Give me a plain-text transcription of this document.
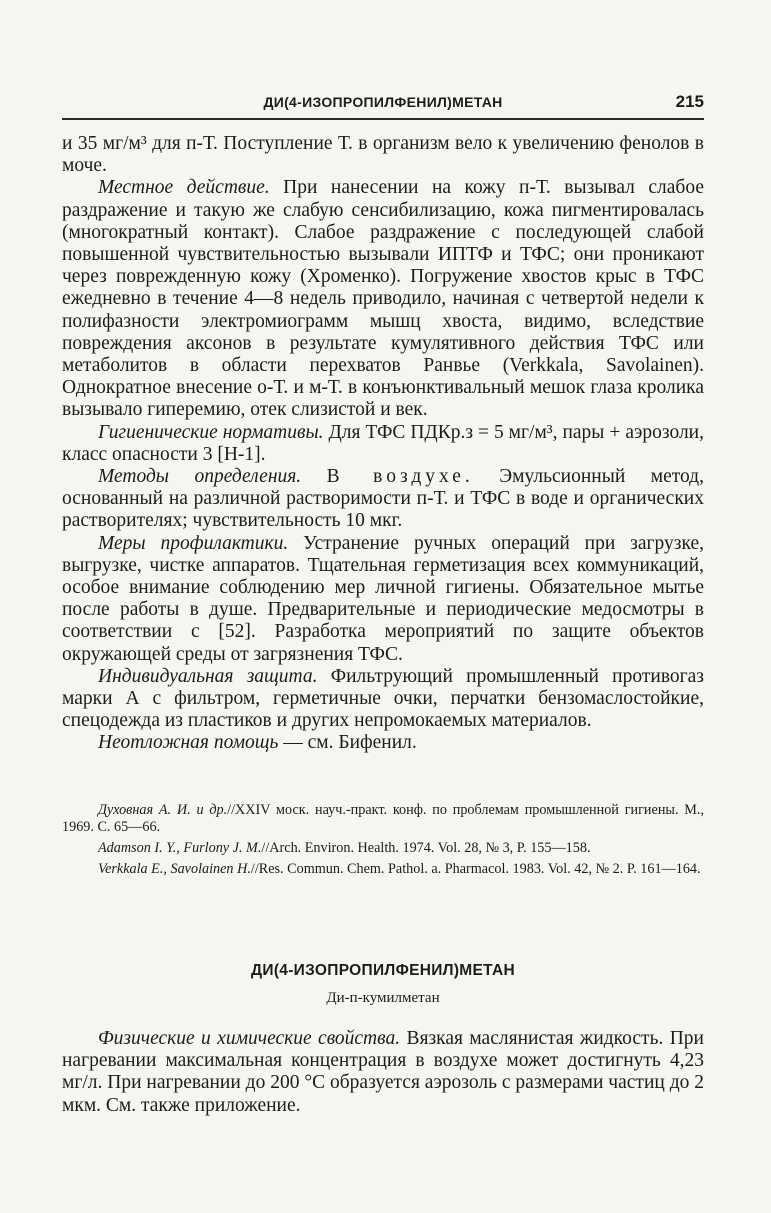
ДИ(4-ИЗОПРОПИЛФЕНИЛ)МЕТАН	215

и 35 мг/м³ для п-Т. Поступление Т. в организм вело к увеличению фенолов в моче.

Местное действие. При нанесении на кожу п-Т. вызывал слабое раздражение и такую же слабую сенсибилизацию, кожа пигментировалась (многократный контакт). Слабое раздражение с последующей слабой повышенной чувствительностью вызывали ИПТФ и ТФС; они проникают через поврежденную кожу (Хроменко). Погружение хвостов крыс в ТФС ежедневно в течение 4—8 недель приводило, начиная с четвертой недели к полифазности электромиограмм мышц хвоста, видимо, вследствие повреждения аксонов в результате кумулятивного действия ТФС или метаболитов в области перехватов Ранвье (Verkkala, Savolainen). Однократное внесение о-Т. и м-Т. в конъюнктивальный мешок глаза кролика вызывало гиперемию, отек слизистой и век.

Гигиенические нормативы. Для ТФС ПДКр.з = 5 мг/м³, пары + аэрозоли, класс опасности 3 [Н-1].

Методы определения. В воздухе. Эмульсионный метод, основанный на различной растворимости п-Т. и ТФС в воде и органических растворителях; чувствительность 10 мкг.

Меры профилактики. Устранение ручных операций при загрузке, выгрузке, чистке аппаратов. Тщательная герметизация всех коммуникаций, особое внимание соблюдению мер личной гигиены. Обязательное мытье после работы в душе. Предварительные и периодические медосмотры в соответствии с [52]. Разработка мероприятий по защите объектов окружающей среды от загрязнения ТФС.

Индивидуальная защита. Фильтрующий промышленный противогаз марки А с фильтром, герметичные очки, перчатки бензомаслостойкие, спецодежда из пластиков и других непромокаемых материалов.

Неотложная помощь — см. Бифенил.

Духовная А. И. и др.//XXIV моск. науч.-практ. конф. по проблемам промышленной гигиены. М., 1969. С. 65—66.

Adamson I. Y., Furlony J. M.//Arch. Environ. Health. 1974. Vol. 28, № 3, P. 155—158.

Verkkala E., Savolainen H.//Res. Commun. Chem. Pathol. a. Pharmacol. 1983. Vol. 42, № 2. P. 161—164.

ДИ(4-ИЗОПРОПИЛФЕНИЛ)МЕТАН
Ди-п-кумилметан

Физические и химические свойства. Вязкая маслянистая жидкость. При нагревании максимальная концентрация в воздухе может достигнуть 4,23 мг/л. При нагревании до 200 °С образуется аэрозоль с размерами частиц до 2 мкм. См. также приложение.
